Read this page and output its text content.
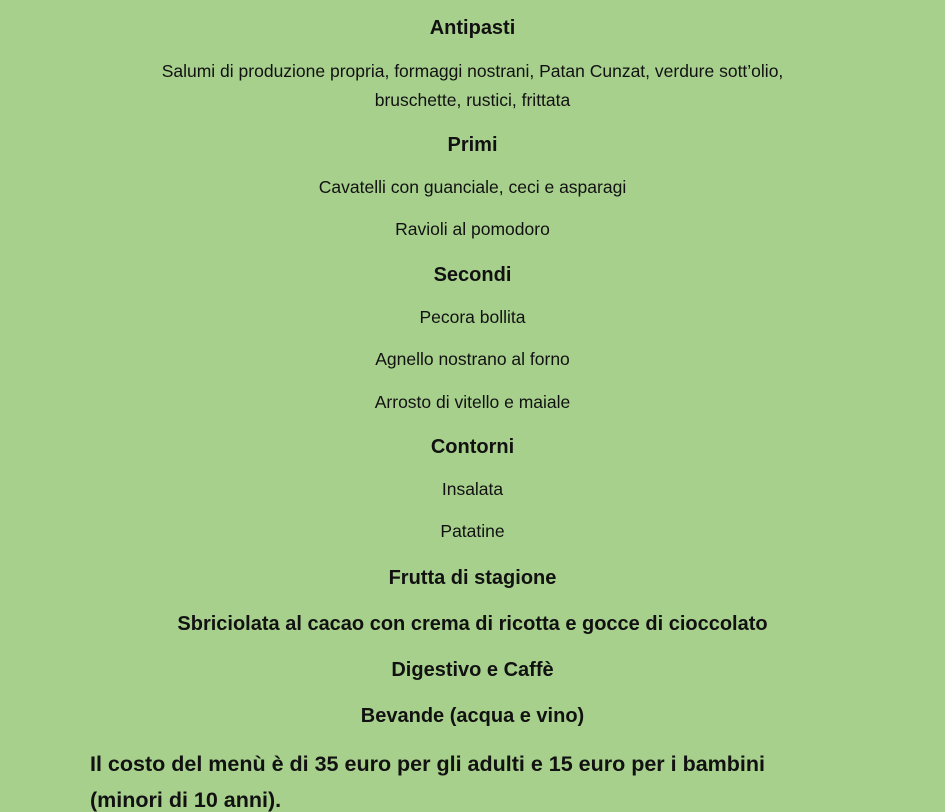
Antipasti
Salumi di produzione propria, formaggi nostrani, Patan Cunzat, verdure sott’olio,
bruschette, rustici, frittata
Primi
Cavatelli con guanciale, ceci e asparagi
Ravioli al pomodoro
Secondi
Pecora bollita
Agnello nostrano al forno
Arrosto di vitello e maiale
Contorni
Insalata
Patatine
Frutta di stagione
Sbriciolata al cacao con crema di ricotta e gocce di cioccolato
Digestivo e Caffè
Bevande (acqua e vino)
Il costo del menù è di 35 euro per gli adulti e 15 euro per i bambini
(minori di 10 anni).
